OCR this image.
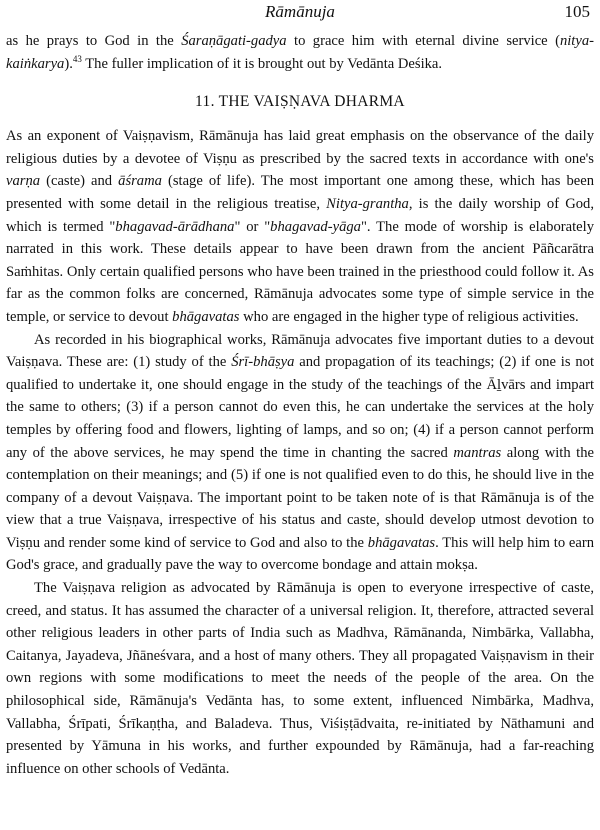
Rāmānuja	105

as he prays to God in the Śaraṇāgati-gadya to grace him with eternal divine service (nitya-kaiṅkarya).$^{43}$ The fuller implication of it is brought out by Vedānta Deśika.

11. THE VAIṢṆAVA DHARMA

As an exponent of Vaiṣṇavism, Rāmānuja has laid great emphasis on the observance of the daily religious duties by a devotee of Viṣṇu as prescribed by the sacred texts in accordance with one's varṇa (caste) and āśrama (stage of life). The most important one among these, which has been presented with some detail in the religious treatise, Nitya-grantha, is the daily worship of God, which is termed "bhagavad-ārādhana" or "bhagavad-yāga". The mode of worship is elaborately narrated in this work. These details appear to have been drawn from the ancient Pāñcarātra Saṁhitas. Only certain qualified persons who have been trained in the priesthood could follow it. As far as the common folks are concerned, Rāmānuja advocates some type of simple service in the temple, or service to devout bhāgavatas who are engaged in the higher type of religious activities.

As recorded in his biographical works, Rāmānuja advocates five important duties to a devout Vaiṣṇava. These are: (1) study of the Śrī-bhāṣya and propagation of its teachings; (2) if one is not qualified to undertake it, one should engage in the study of the teachings of the Āḻvārs and impart the same to others; (3) if a person cannot do even this, he can undertake the services at the holy temples by offering food and flowers, lighting of lamps, and so on; (4) if a person cannot perform any of the above services, he may spend the time in chanting the sacred mantras along with the contemplation on their meanings; and (5) if one is not qualified even to do this, he should live in the company of a devout Vaiṣṇava. The important point to be taken note of is that Rāmānuja is of the view that a true Vaiṣṇava, irrespective of his status and caste, should develop utmost devotion to Viṣṇu and render some kind of service to God and also to the bhāgavatas. This will help him to earn God's grace, and gradually pave the way to overcome bondage and attain mokṣa.

The Vaiṣṇava religion as advocated by Rāmānuja is open to everyone irrespective of caste, creed, and status. It has assumed the character of a universal religion. It, therefore, attracted several other religious leaders in other parts of India such as Madhva, Rāmānanda, Nimbārka, Vallabha, Caitanya, Jayadeva, Jñāneśvara, and a host of many others. They all propagated Vaiṣṇavism in their own regions with some modifications to meet the needs of the people of the area. On the philosophical side, Rāmānuja's Vedānta has, to some extent, influenced Nimbārka, Madhva, Vallabha, Śrīpati, Śrīkaṇṭha, and Baladeva. Thus, Viśiṣṭādvaita, re-initiated by Nāthamuni and presented by Yāmuna in his works, and further expounded by Rāmānuja, had a far-reaching influence on other schools of Vedānta.
